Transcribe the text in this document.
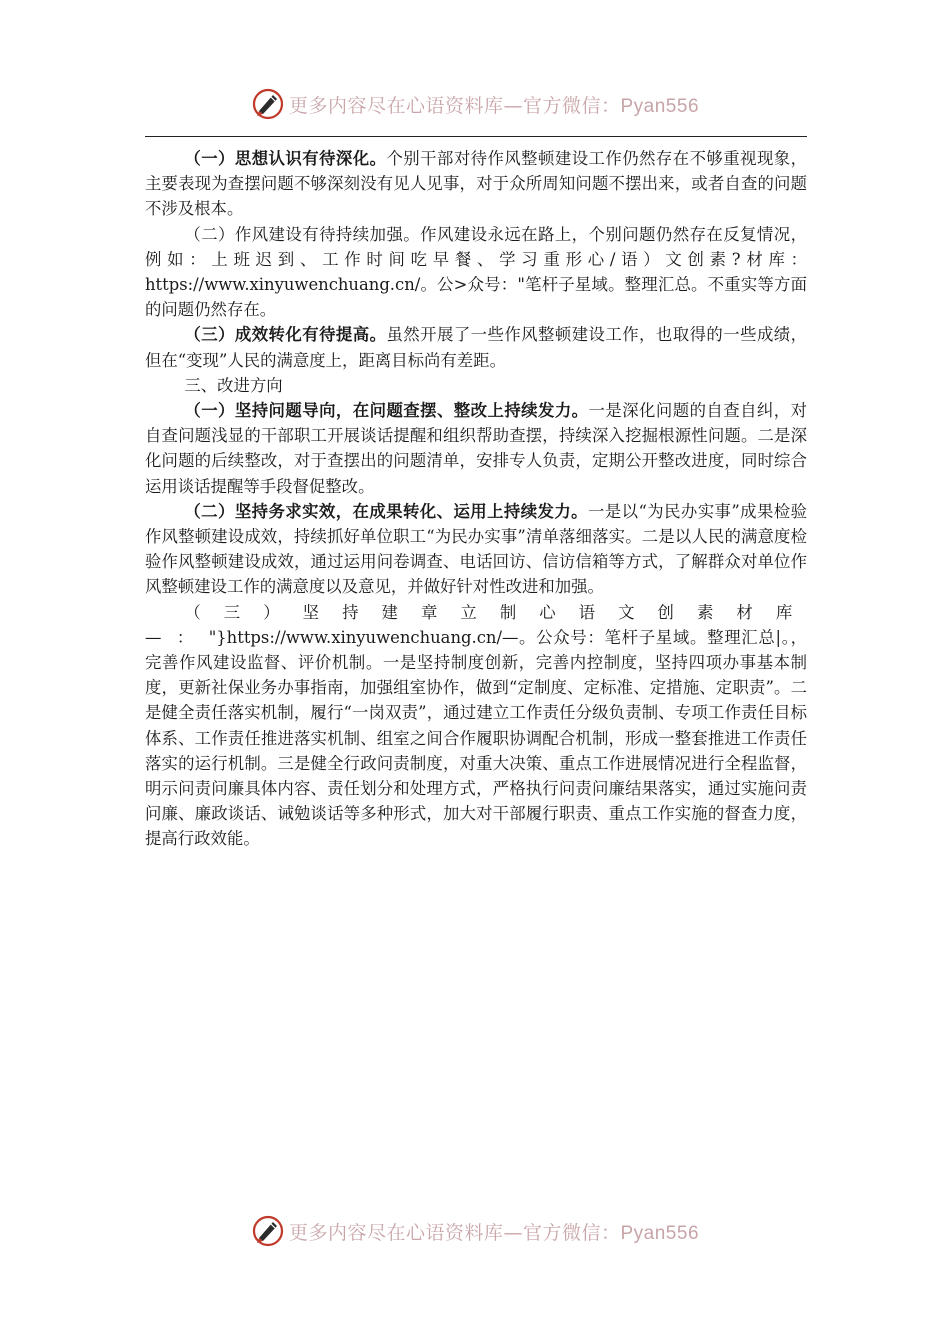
更多内容尽在心语资料库—官方微信：Pyan556

（一）思想认识有待深化。个别干部对待作风整顿建设工作仍然存在不够重视现象，主要表现为查摆问题不够深刻没有见人见事，对于众所周知问题不摆出来，或者自查的问题不涉及根本。

（二）作风建设有待持续加强。作风建设永远在路上，个别问题仍然存在反复情况，例如：上班迟到、工作时间吃早餐、学习重形心/语）文创素?材库：https://www.xinyuwenchuang.cn/。公>众号："笔杆子星域。整理汇总。不重实等方面的问题仍然存在。

（三）成效转化有待提高。虽然开展了一些作风整顿建设工作，也取得的一些成绩，但在“变现”人民的满意度上，距离目标尚有差距。

三、改进方向

（一）坚持问题导向，在问题查摆、整改上持续发力。一是深化问题的自查自纠，对自查问题浅显的干部职工开展谈话提醒和组织帮助查摆，持续深入挖掘根源性问题。二是深化问题的后续整改，对于查摆出的问题清单，安排专人负责，定期公开整改进度，同时综合运用谈话提醒等手段督促整改。

（二）坚持务求实效，在成果转化、运用上持续发力。一是以“为民办实事”成果检验作风整顿建设成效，持续抓好单位职工“为民办实事”清单落细落实。二是以人民的满意度检验作风整顿建设成效，通过运用问卷调查、电话回访、信访信箱等方式，了解群众对单位作风整顿建设工作的满意度以及意见，并做好针对性改进和加强。

（三）坚持建章立制心语文创素材库—："}https://www.xinyuwenchuang.cn/—。公众号：笔杆子星域。整理汇总|。，完善作风建设监督、评价机制。一是坚持制度创新，完善内控制度，坚持四项办事基本制度，更新社保业务办事指南，加强组室协作，做到“定制度、定标准、定措施、定职责”。二是健全责任落实机制，履行“一岗双责”，通过建立工作责任分级负责制、专项工作责任目标体系、工作责任推进落实机制、组室之间合作履职协调配合机制，形成一整套推进工作责任落实的运行机制。三是健全行政问责制度，对重大决策、重点工作进展情况进行全程监督，明示问责问廉具体内容、责任划分和处理方式，严格执行问责问廉结果落实，通过实施问责问廉、廉政谈话、诫勉谈话等多种形式，加大对干部履行职责、重点工作实施的督查力度，提高行政效能。

更多内容尽在心语资料库—官方微信：Pyan556
